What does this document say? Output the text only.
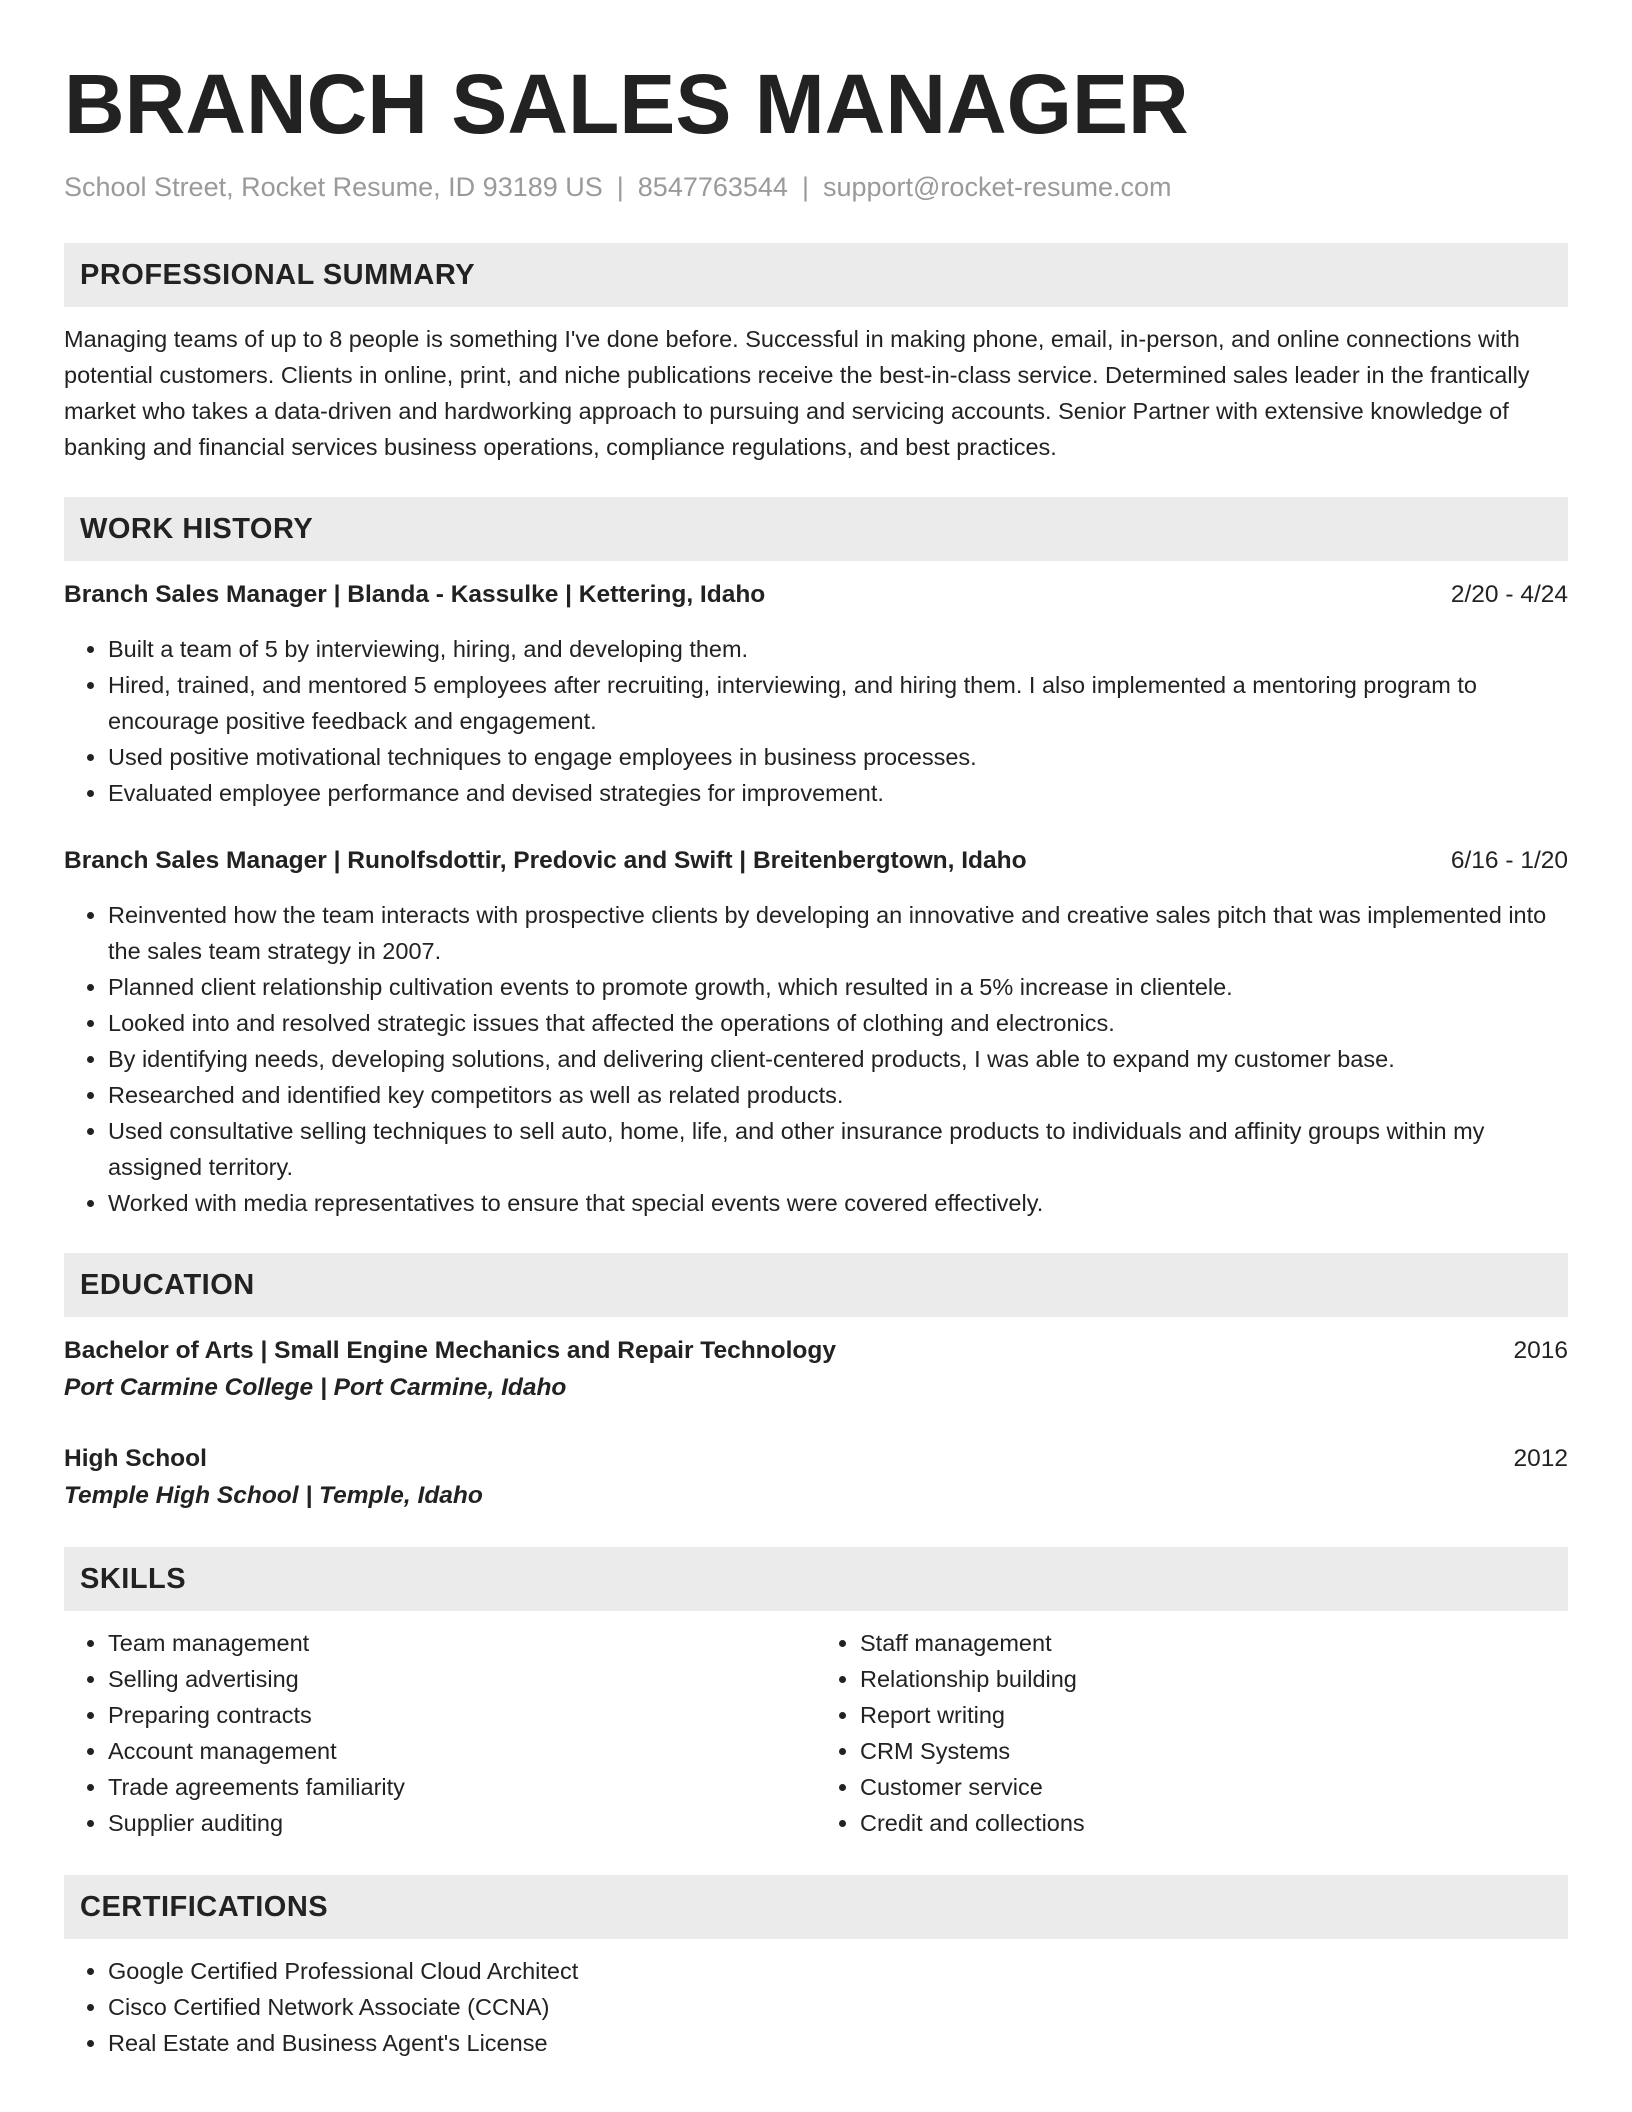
BRANCH SALES MANAGER
School Street, Rocket Resume, ID 93189 US | 8547763544 | support@rocket-resume.com
PROFESSIONAL SUMMARY

Managing teams of up to 8 people is something I've done before. Successful in making phone, email, in-person, and online connections with potential customers. Clients in online, print, and niche publications receive the best-in-class service. Determined sales leader in the frantically market who takes a data-driven and hardworking approach to pursuing and servicing accounts. Senior Partner with extensive knowledge of banking and financial services business operations, compliance regulations, and best practices.

WORK HISTORY
Branch Sales Manager | Blanda - Kassulke | Kettering, Idaho	2/20 - 4/24
• Built a team of 5 by interviewing, hiring, and developing them.
• Hired, trained, and mentored 5 employees after recruiting, interviewing, and hiring them. I also implemented a mentoring program to encourage positive feedback and engagement.
• Used positive motivational techniques to engage employees in business processes.
• Evaluated employee performance and devised strategies for improvement.
Branch Sales Manager | Runolfsdottir, Predovic and Swift | Breitenbergtown, Idaho	6/16 - 1/20
• Reinvented how the team interacts with prospective clients by developing an innovative and creative sales pitch that was implemented into the sales team strategy in 2007.
• Planned client relationship cultivation events to promote growth, which resulted in a 5% increase in clientele.
• Looked into and resolved strategic issues that affected the operations of clothing and electronics.
• By identifying needs, developing solutions, and delivering client-centered products, I was able to expand my customer base.
• Researched and identified key competitors as well as related products.
• Used consultative selling techniques to sell auto, home, life, and other insurance products to individuals and affinity groups within my assigned territory.
• Worked with media representatives to ensure that special events were covered effectively.
EDUCATION
Bachelor of Arts | Small Engine Mechanics and Repair Technology	2016
Port Carmine College | Port Carmine, Idaho
High School	2012
Temple High School | Temple, Idaho
SKILLS
• Team management
• Selling advertising
• Preparing contracts
• Account management
• Trade agreements familiarity
• Supplier auditing
• Staff management
• Relationship building
• Report writing
• CRM Systems
• Customer service
• Credit and collections
CERTIFICATIONS
• Google Certified Professional Cloud Architect
• Cisco Certified Network Associate (CCNA)
• Real Estate and Business Agent's License
